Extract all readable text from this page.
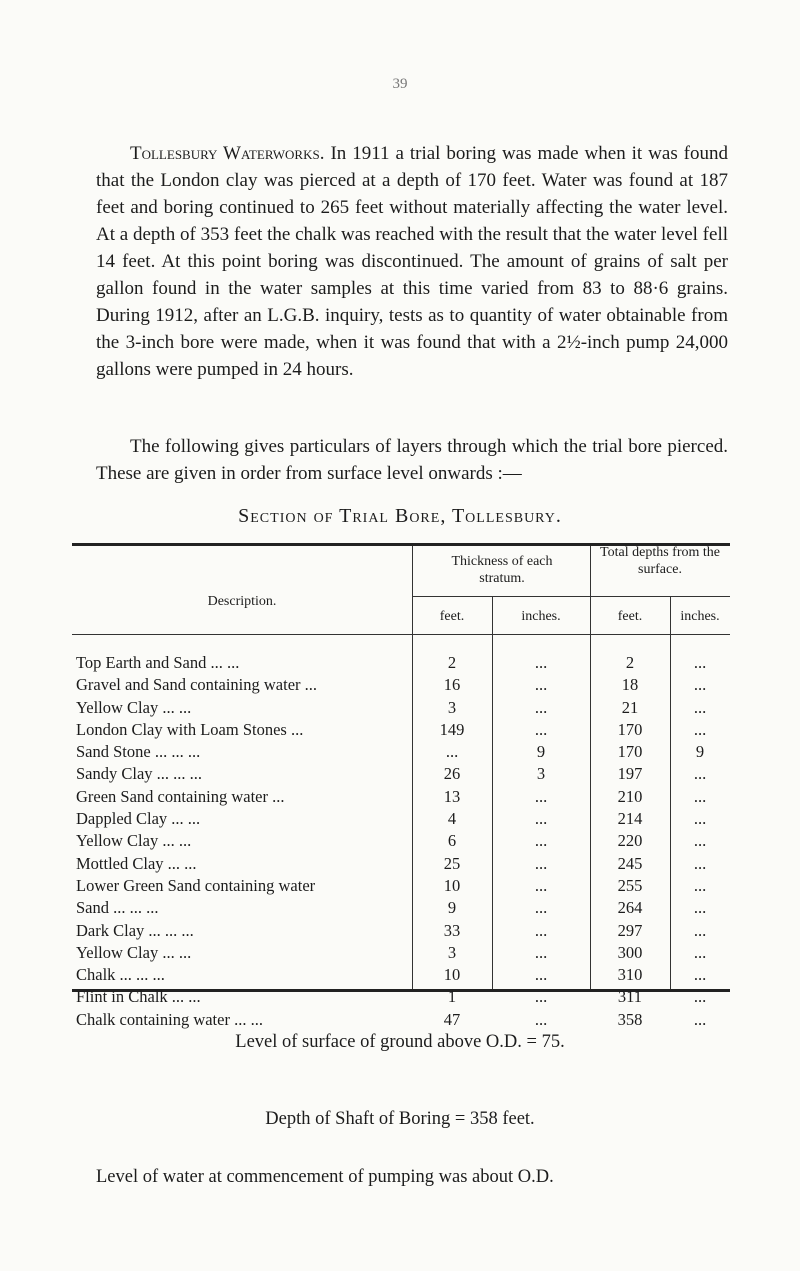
39

Tollesbury Waterworks. In 1911 a trial boring was made when it was found that the London clay was pierced at a depth of 170 feet. Water was found at 187 feet and boring continued to 265 feet without materially affecting the water level. At a depth of 353 feet the chalk was reached with the result that the water level fell 14 feet. At this point boring was discontinued. The amount of grains of salt per gallon found in the water samples at this time varied from 83 to 88·6 grains. During 1912, after an L.G.B. inquiry, tests as to quantity of water obtainable from the 3-inch bore were made, when it was found that with a 2½-inch pump 24,000 gallons were pumped in 24 hours.

The following gives particulars of layers through which the trial bore pierced. These are given in order from surface level onwards :—

Section of Trial Bore, Tollesbury.
Description.
Thickness of each stratum.
Total depths from the surface.
feet.	inches.	feet.	inches.
Top Earth and Sand ... ...	2	...	2	...
Gravel and Sand containing water ...	16	...	18	...
Yellow Clay ... ...	3	...	21	...
London Clay with Loam Stones ...	149	...	170	...
Sand Stone ... ... ...	...	9	170	9
Sandy Clay ... ... ...	26	3	197	...
Green Sand containing water ...	13	...	210	...
Dappled Clay ... ...	4	...	214	...
Yellow Clay ... ...	6	...	220	...
Mottled Clay ... ...	25	...	245	...
Lower Green Sand containing water	10	...	255	...
Sand ... ... ...	9	...	264	...
Dark Clay ... ... ...	33	...	297	...
Yellow Clay ... ...	3	...	300	...
Chalk ... ... ...	10	...	310	...
Flint in Chalk ... ...	1	...	311	...
Chalk containing water ... ...	47	...	358	...
Level of surface of ground above O.D. = 75.
Depth of Shaft of Boring = 358 feet.
Level of water at commencement of pumping was about O.D.
